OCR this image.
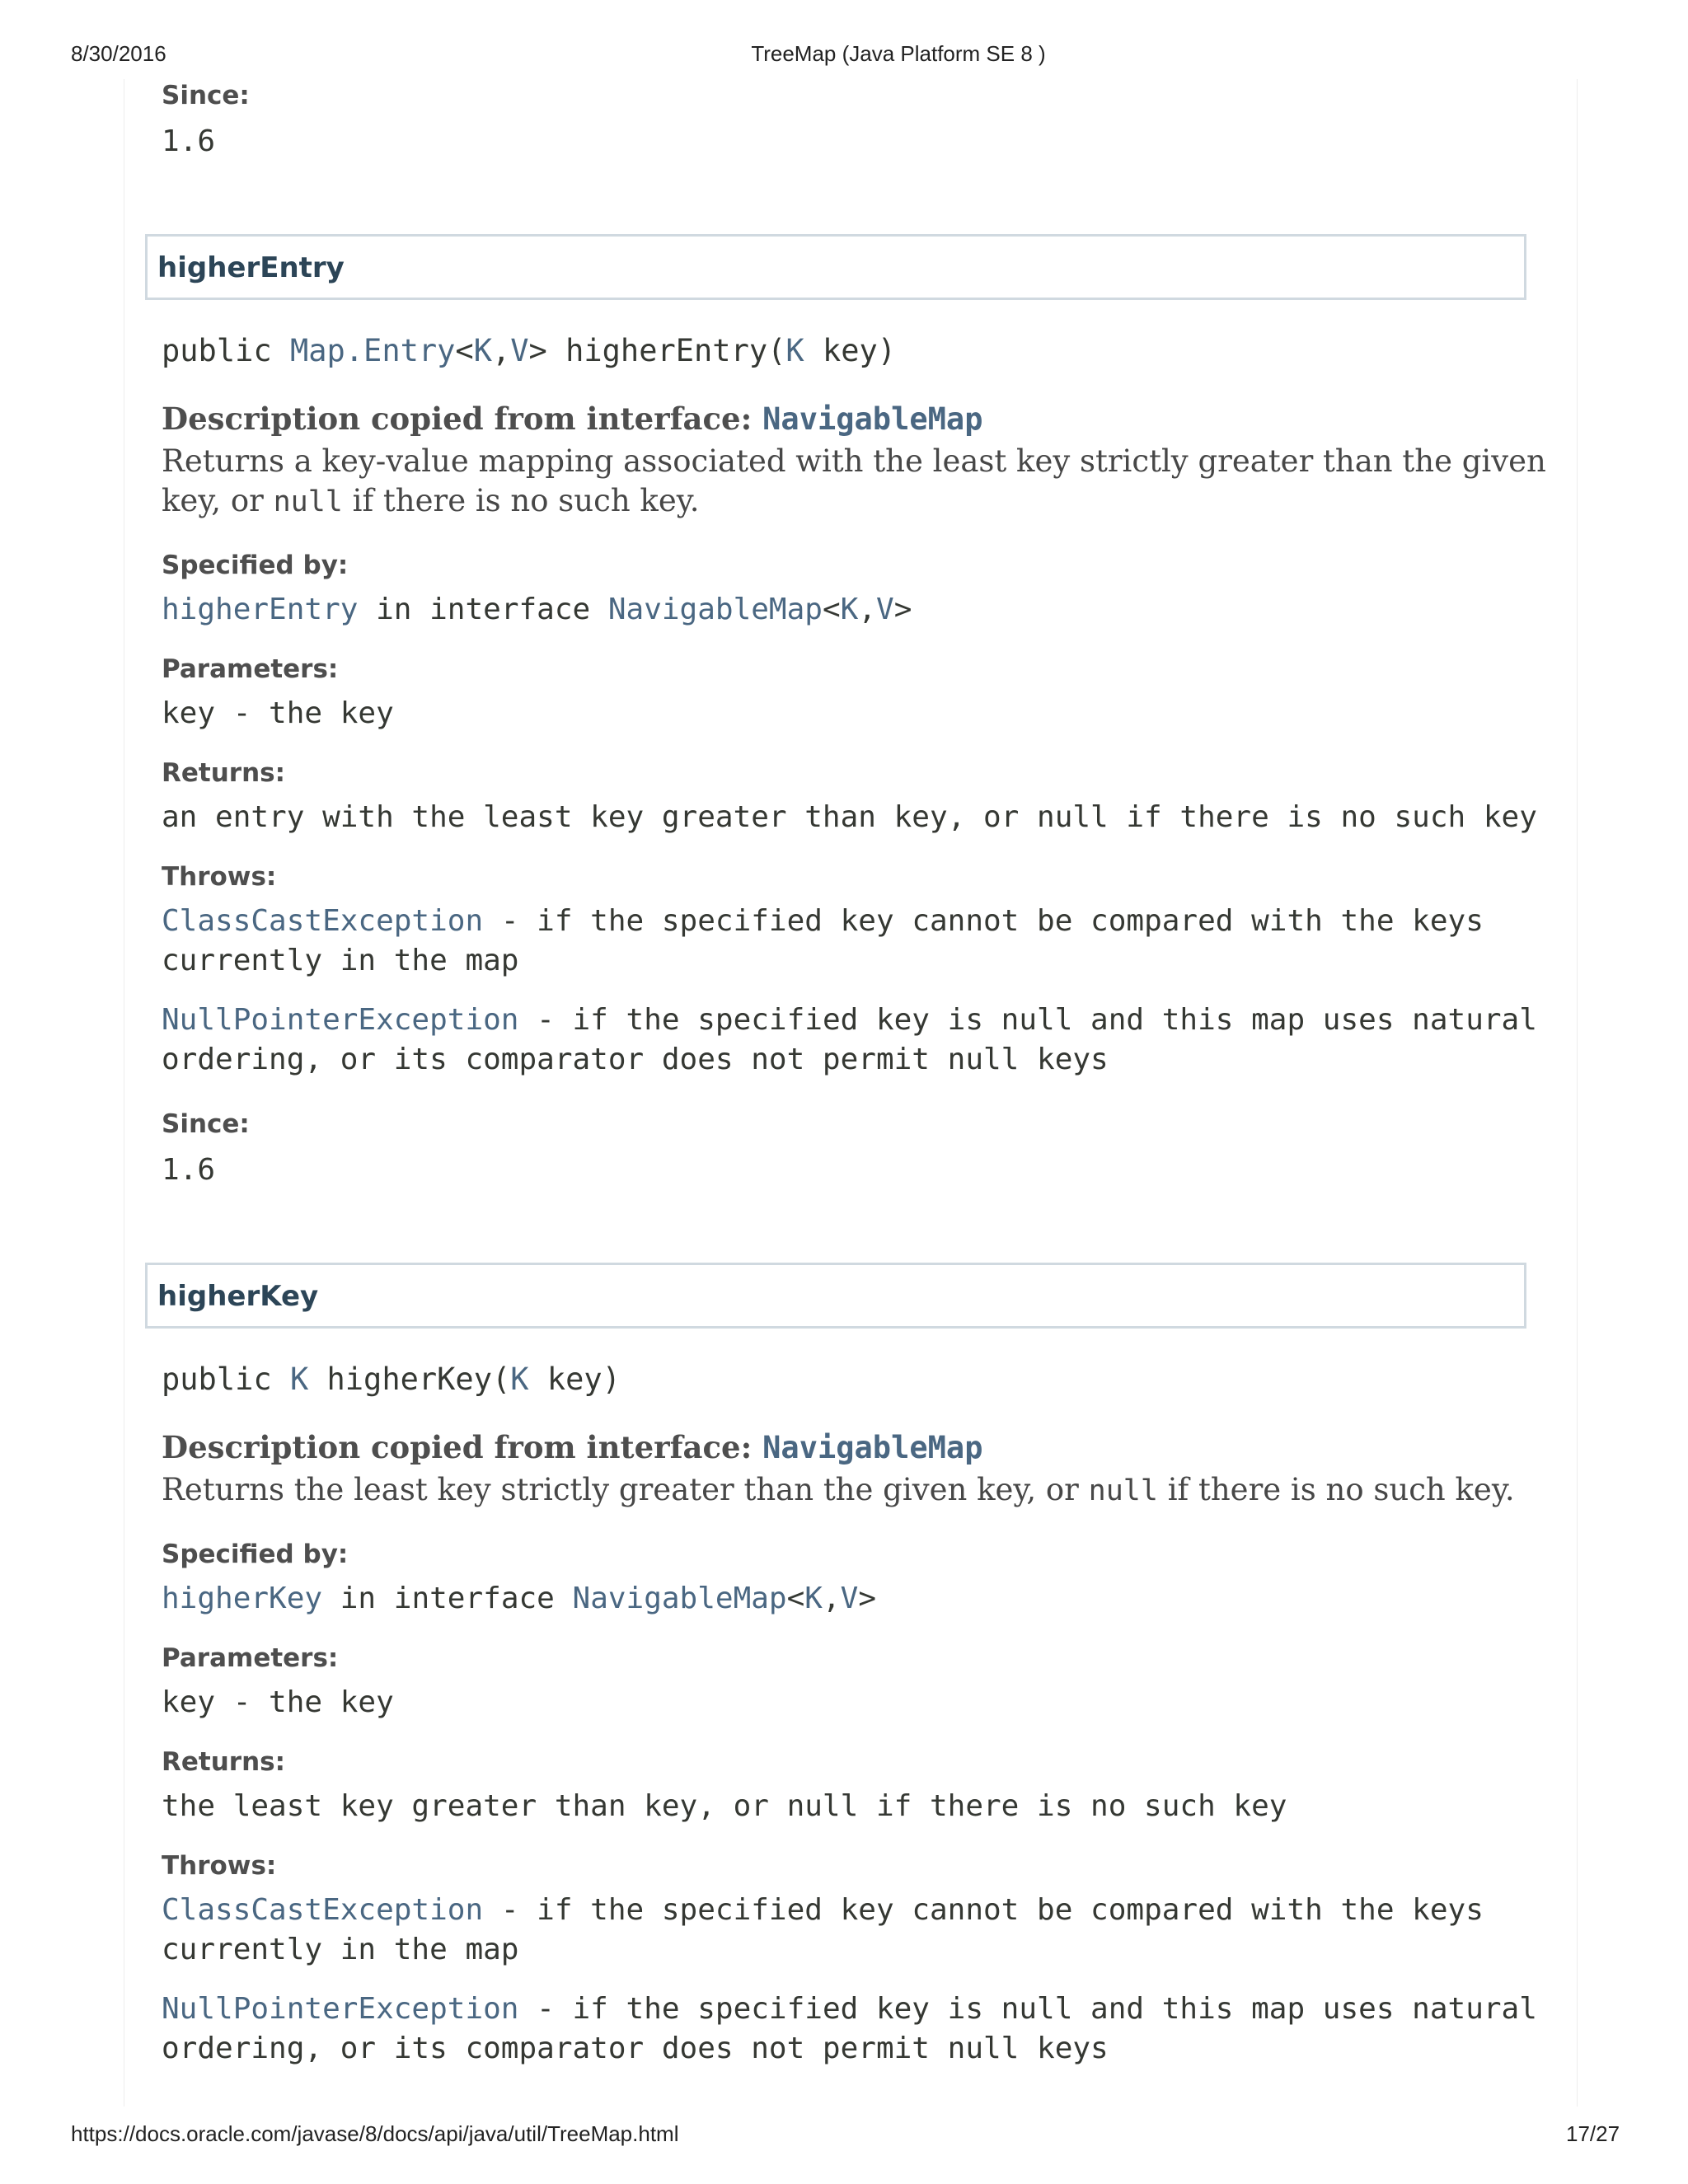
8/30/2016	TreeMap (Java Platform SE 8 )
Since:
1.6
higherEntry
public Map.Entry<K,V> higherEntry(K key)
Description copied from interface: NavigableMap
Returns a key-value mapping associated with the least key strictly greater than the given
key, or null if there is no such key.
Specified by:
higherEntry in interface NavigableMap<K,V>
Parameters:
key - the key
Returns:
an entry with the least key greater than key, or null if there is no such key
Throws:
ClassCastException - if the specified key cannot be compared with the keys
currently in the map
NullPointerException - if the specified key is null and this map uses natural
ordering, or its comparator does not permit null keys
Since:
1.6
higherKey
public K higherKey(K key)
Description copied from interface: NavigableMap
Returns the least key strictly greater than the given key, or null if there is no such key.
Specified by:
higherKey in interface NavigableMap<K,V>
Parameters:
key - the key
Returns:
the least key greater than key, or null if there is no such key
Throws:
ClassCastException - if the specified key cannot be compared with the keys
currently in the map
NullPointerException - if the specified key is null and this map uses natural
ordering, or its comparator does not permit null keys
https://docs.oracle.com/javase/8/docs/api/java/util/TreeMap.html	17/27
